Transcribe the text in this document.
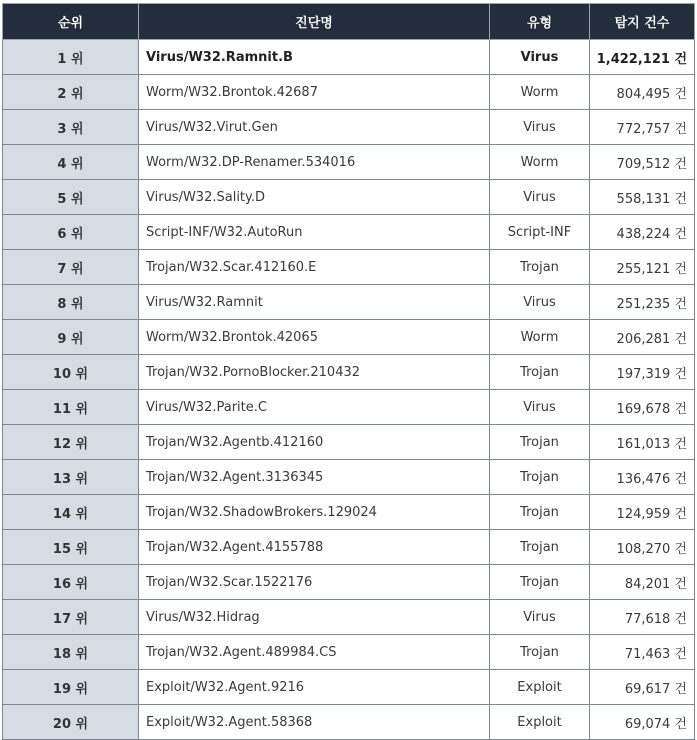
순위	진단명	유형	탐지 건수
1 위	Virus/W32.Ramnit.B	Virus	1,422,121 건
2 위	Worm/W32.Brontok.42687	Worm	804,495 건
3 위	Virus/W32.Virut.Gen	Virus	772,757 건
4 위	Worm/W32.DP-Renamer.534016	Worm	709,512 건
5 위	Virus/W32.Sality.D	Virus	558,131 건
6 위	Script-INF/W32.AutoRun	Script-INF	438,224 건
7 위	Trojan/W32.Scar.412160.E	Trojan	255,121 건
8 위	Virus/W32.Ramnit	Virus	251,235 건
9 위	Worm/W32.Brontok.42065	Worm	206,281 건
10 위	Trojan/W32.PornoBlocker.210432	Trojan	197,319 건
11 위	Virus/W32.Parite.C	Virus	169,678 건
12 위	Trojan/W32.Agentb.412160	Trojan	161,013 건
13 위	Trojan/W32.Agent.3136345	Trojan	136,476 건
14 위	Trojan/W32.ShadowBrokers.129024	Trojan	124,959 건
15 위	Trojan/W32.Agent.4155788	Trojan	108,270 건
16 위	Trojan/W32.Scar.1522176	Trojan	84,201 건
17 위	Virus/W32.Hidrag	Virus	77,618 건
18 위	Trojan/W32.Agent.489984.CS	Trojan	71,463 건
19 위	Exploit/W32.Agent.9216	Exploit	69,617 건
20 위	Exploit/W32.Agent.58368	Exploit	69,074 건
